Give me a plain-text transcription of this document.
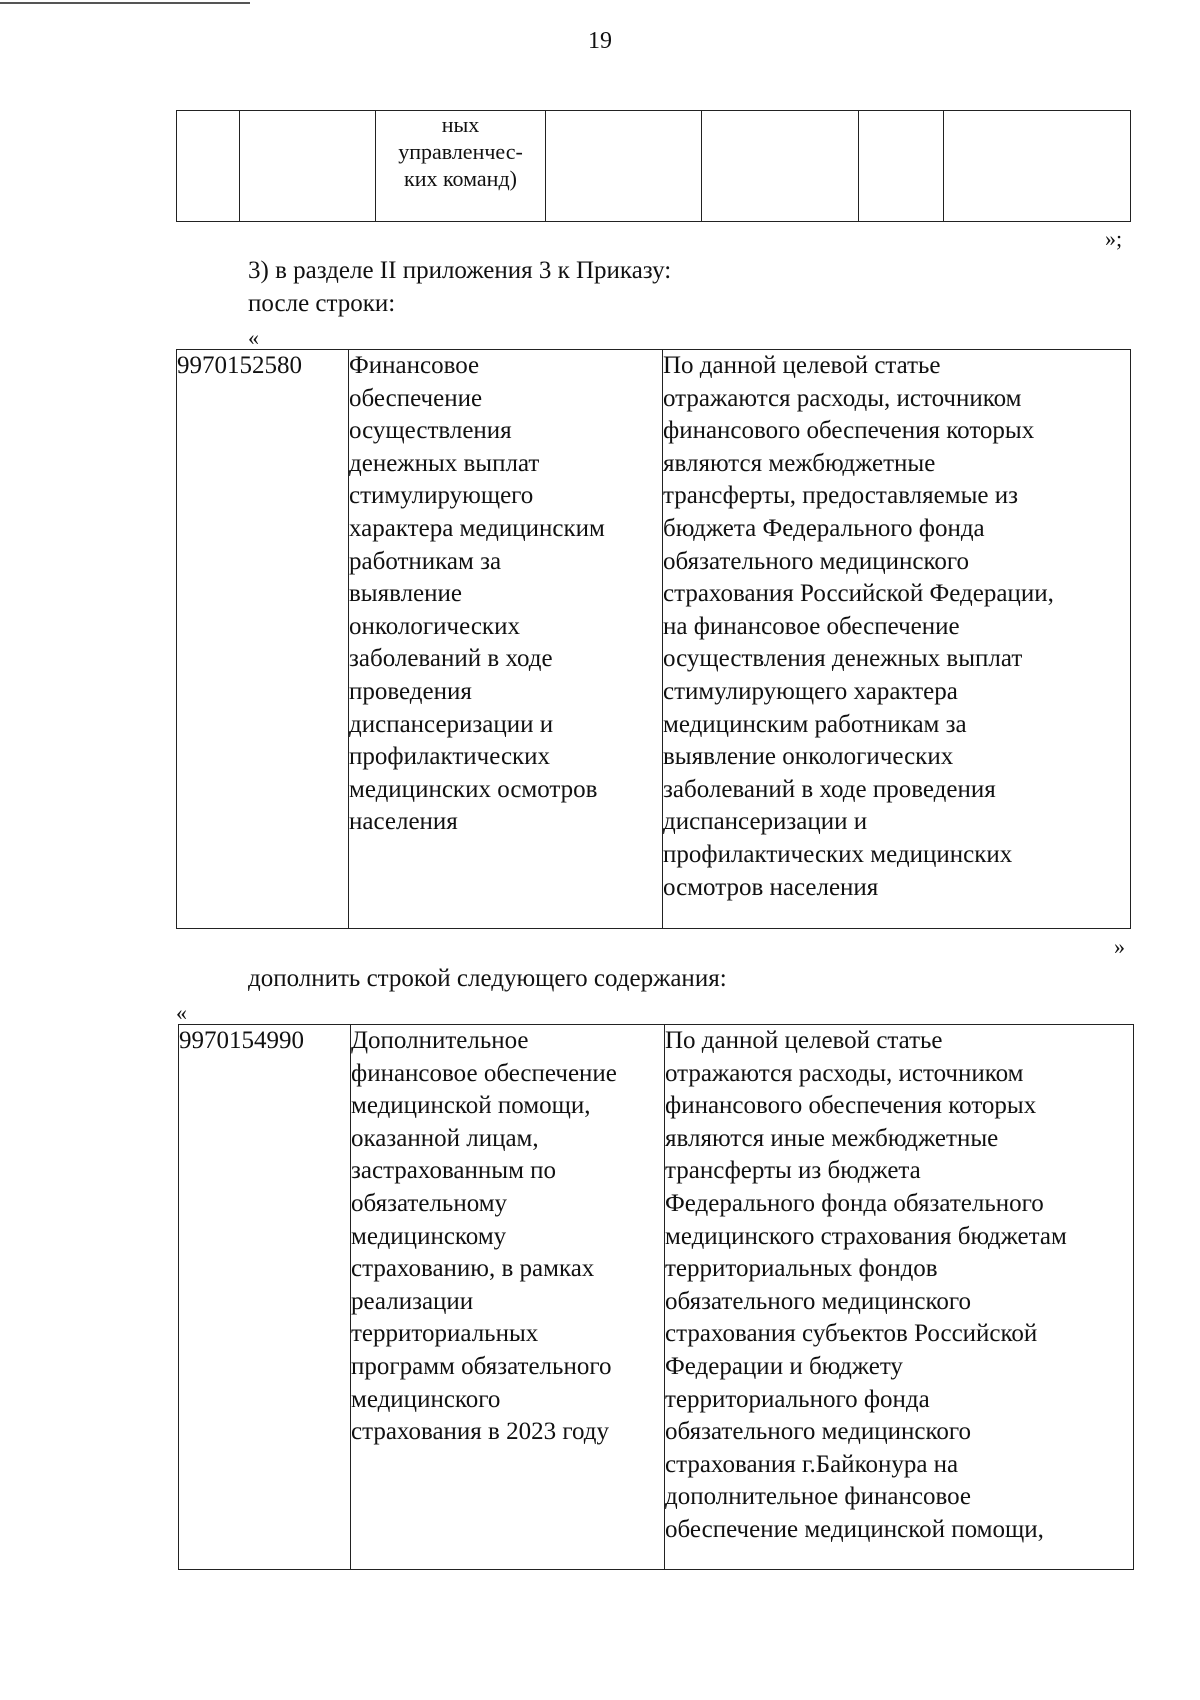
19

ных
управленчес-
ких команд)

»;
3) в разделе II приложения 3 к Приказу:
после строки:
«
9970152580	Финансовое
обеспечение
осуществления
денежных выплат
стимулирующего
характера медицинским
работникам за
выявление
онкологических
заболеваний в ходе
проведения
диспансеризации и
профилактических
медицинских осмотров
населения

По данной целевой статье
отражаются расходы, источником
финансового обеспечения которых
являются межбюджетные
трансферты, предоставляемые из
бюджета Федерального фонда
обязательного медицинского
страхования Российской Федерации,
на финансовое обеспечение
осуществления денежных выплат
стимулирующего характера
медицинским работникам за
выявление онкологических
заболеваний в ходе проведения
диспансеризации и
профилактических медицинских
осмотров населения
»
дополнить строкой следующего содержания:
«
9970154990	Дополнительное
финансовое обеспечение
медицинской помощи,
оказанной лицам,
застрахованным по
обязательному
медицинскому
страхованию, в рамках
реализации
территориальных
программ обязательного
медицинского
страхования в 2023 году

По данной целевой статье
отражаются расходы, источником
финансового обеспечения которых
являются иные межбюджетные
трансферты из бюджета
Федерального фонда обязательного
медицинского страхования бюджетам
территориальных фондов
обязательного медицинского
страхования субъектов Российской
Федерации и бюджету
территориального фонда
обязательного медицинского
страхования г.Байконура на
дополнительное финансовое
обеспечение медицинской помощи,
